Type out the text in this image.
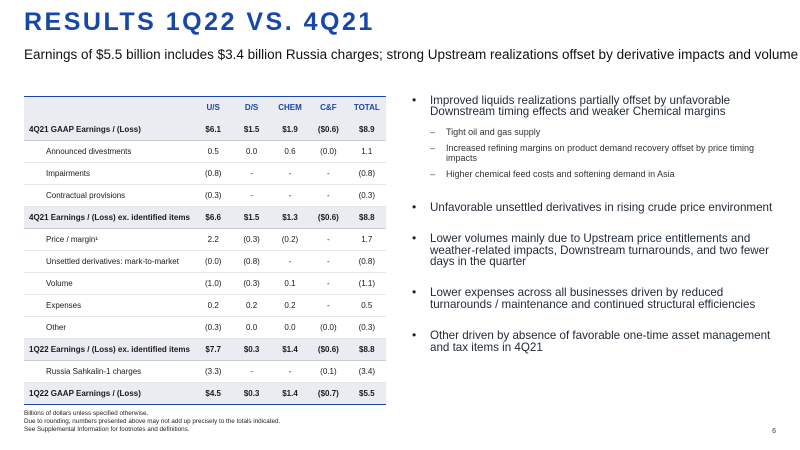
RESULTS 1Q22 VS. 4Q21
Earnings of $5.5 billion includes $3.4 billion Russia charges; strong Upstream realizations offset by derivative impacts and volume
	U/S	D/S	CHEM	C&F	TOTAL
4Q21 GAAP Earnings / (Loss)	$6.1	$1.5	$1.9	($0.6)	$8.9
Announced divestments	0.5	0.0	0.6	(0.0)	1.1
Impairments	(0.8)	-	-	-	(0.8)
Contractual provisions	(0.3)	-	-	-	(0.3)
4Q21 Earnings / (Loss) ex. identified items	$6.6	$1.5	$1.3	($0.6)	$8.8
Price / margin¹	2.2	(0.3)	(0.2)	-	1.7
Unsettled derivatives: mark-to-market	(0.0)	(0.8)	-	-	(0.8)
Volume	(1.0)	(0.3)	0.1	-	(1.1)
Expenses	0.2	0.2	0.2	-	0.5
Other	(0.3)	0.0	0.0	(0.0)	(0.3)
1Q22 Earnings / (Loss) ex. identified items	$7.7	$0.3	$1.4	($0.6)	$8.8
Russia Sahkalin-1 charges	(3.3)	-	-	(0.1)	(3.4)
1Q22 GAAP Earnings / (Loss)	$4.5	$0.3	$1.4	($0.7)	$5.5
Billions of dollars unless specified otherwise.
Due to rounding, numbers presented above may not add up precisely to the totals indicated.
See Supplemental Information for footnotes and definitions.	6
• Improved liquids realizations partially offset by unfavorable Downstream timing effects and weaker Chemical margins
– Tight oil and gas supply
– Increased refining margins on product demand recovery offset by price timing impacts
– Higher chemical feed costs and softening demand in Asia
• Unfavorable unsettled derivatives in rising crude price environment
• Lower volumes mainly due to Upstream price entitlements and weather-related impacts, Downstream turnarounds, and two fewer days in the quarter
• Lower expenses across all businesses driven by reduced turnarounds / maintenance and continued structural efficiencies
• Other driven by absence of favorable one-time asset management and tax items in 4Q21
